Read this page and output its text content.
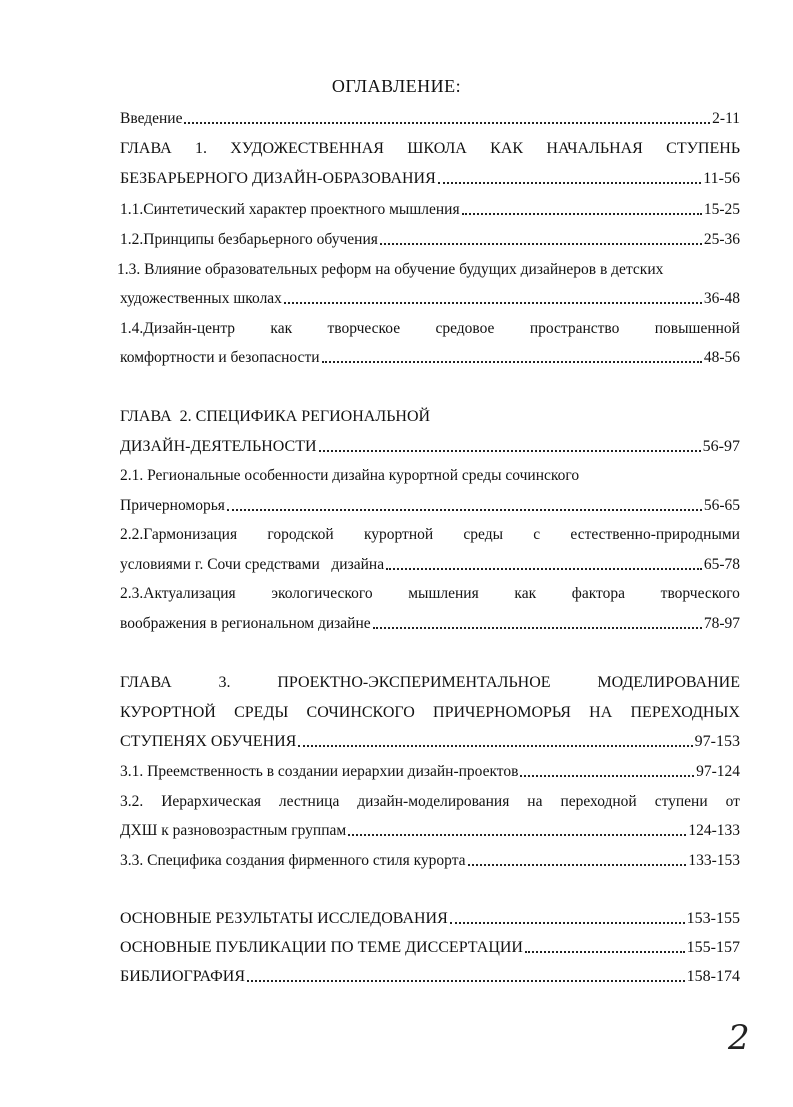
ОГЛАВЛЕНИЕ:
Введение	2-11
ГЛАВА 1. ХУДОЖЕСТВЕННАЯ ШКОЛА КАК НАЧАЛЬНАЯ СТУПЕНЬ
БЕЗБАРЬЕРНОГО ДИЗАЙН-ОБРАЗОВАНИЯ	11-56
1.1.Синтетический характер проектного мышления	15-25
1.2.Принципы безбарьерного обучения	25-36
1.3. Влияние образовательных реформ на обучение будущих дизайнеров в детских
художественных школах	36-48
1.4.Дизайн-центр как творческое средовое пространство повышенной
комфортности и безопасности	48-56
ГЛАВА  2. СПЕЦИФИКА РЕГИОНАЛЬНОЙ
ДИЗАЙН-ДЕЯТЕЛЬНОСТИ	56-97
2.1. Региональные особенности дизайна курортной среды сочинского
Причерноморья	56-65
2.2.Гармонизация городской курортной среды с естественно-природными
условиями г. Сочи средствами   дизайна	65-78
2.3.Актуализация экологического мышления как фактора творческого
воображения в региональном дизайне	78-97
ГЛАВА	3.	ПРОЕКТНО-ЭКСПЕРИМЕНТАЛЬНОЕ	МОДЕЛИРОВАНИЕ
КУРОРТНОЙ СРЕДЫ СОЧИНСКОГО ПРИЧЕРНОМОРЬЯ НА ПЕРЕХОДНЫХ
СТУПЕНЯХ ОБУЧЕНИЯ	97-153
3.1. Преемственность в создании иерархии дизайн-проектов	97-124
3.2. Иерархическая лестница дизайн-моделирования на переходной ступени от
ДХШ к разновозрастным группам	124-133
3.3. Специфика создания фирменного стиля курорта	133-153
ОСНОВНЫЕ РЕЗУЛЬТАТЫ ИССЛЕДОВАНИЯ	153-155
ОСНОВНЫЕ ПУБЛИКАЦИИ ПО ТЕМЕ ДИССЕРТАЦИИ	155-157
БИБЛИОГРАФИЯ	158-174
2
